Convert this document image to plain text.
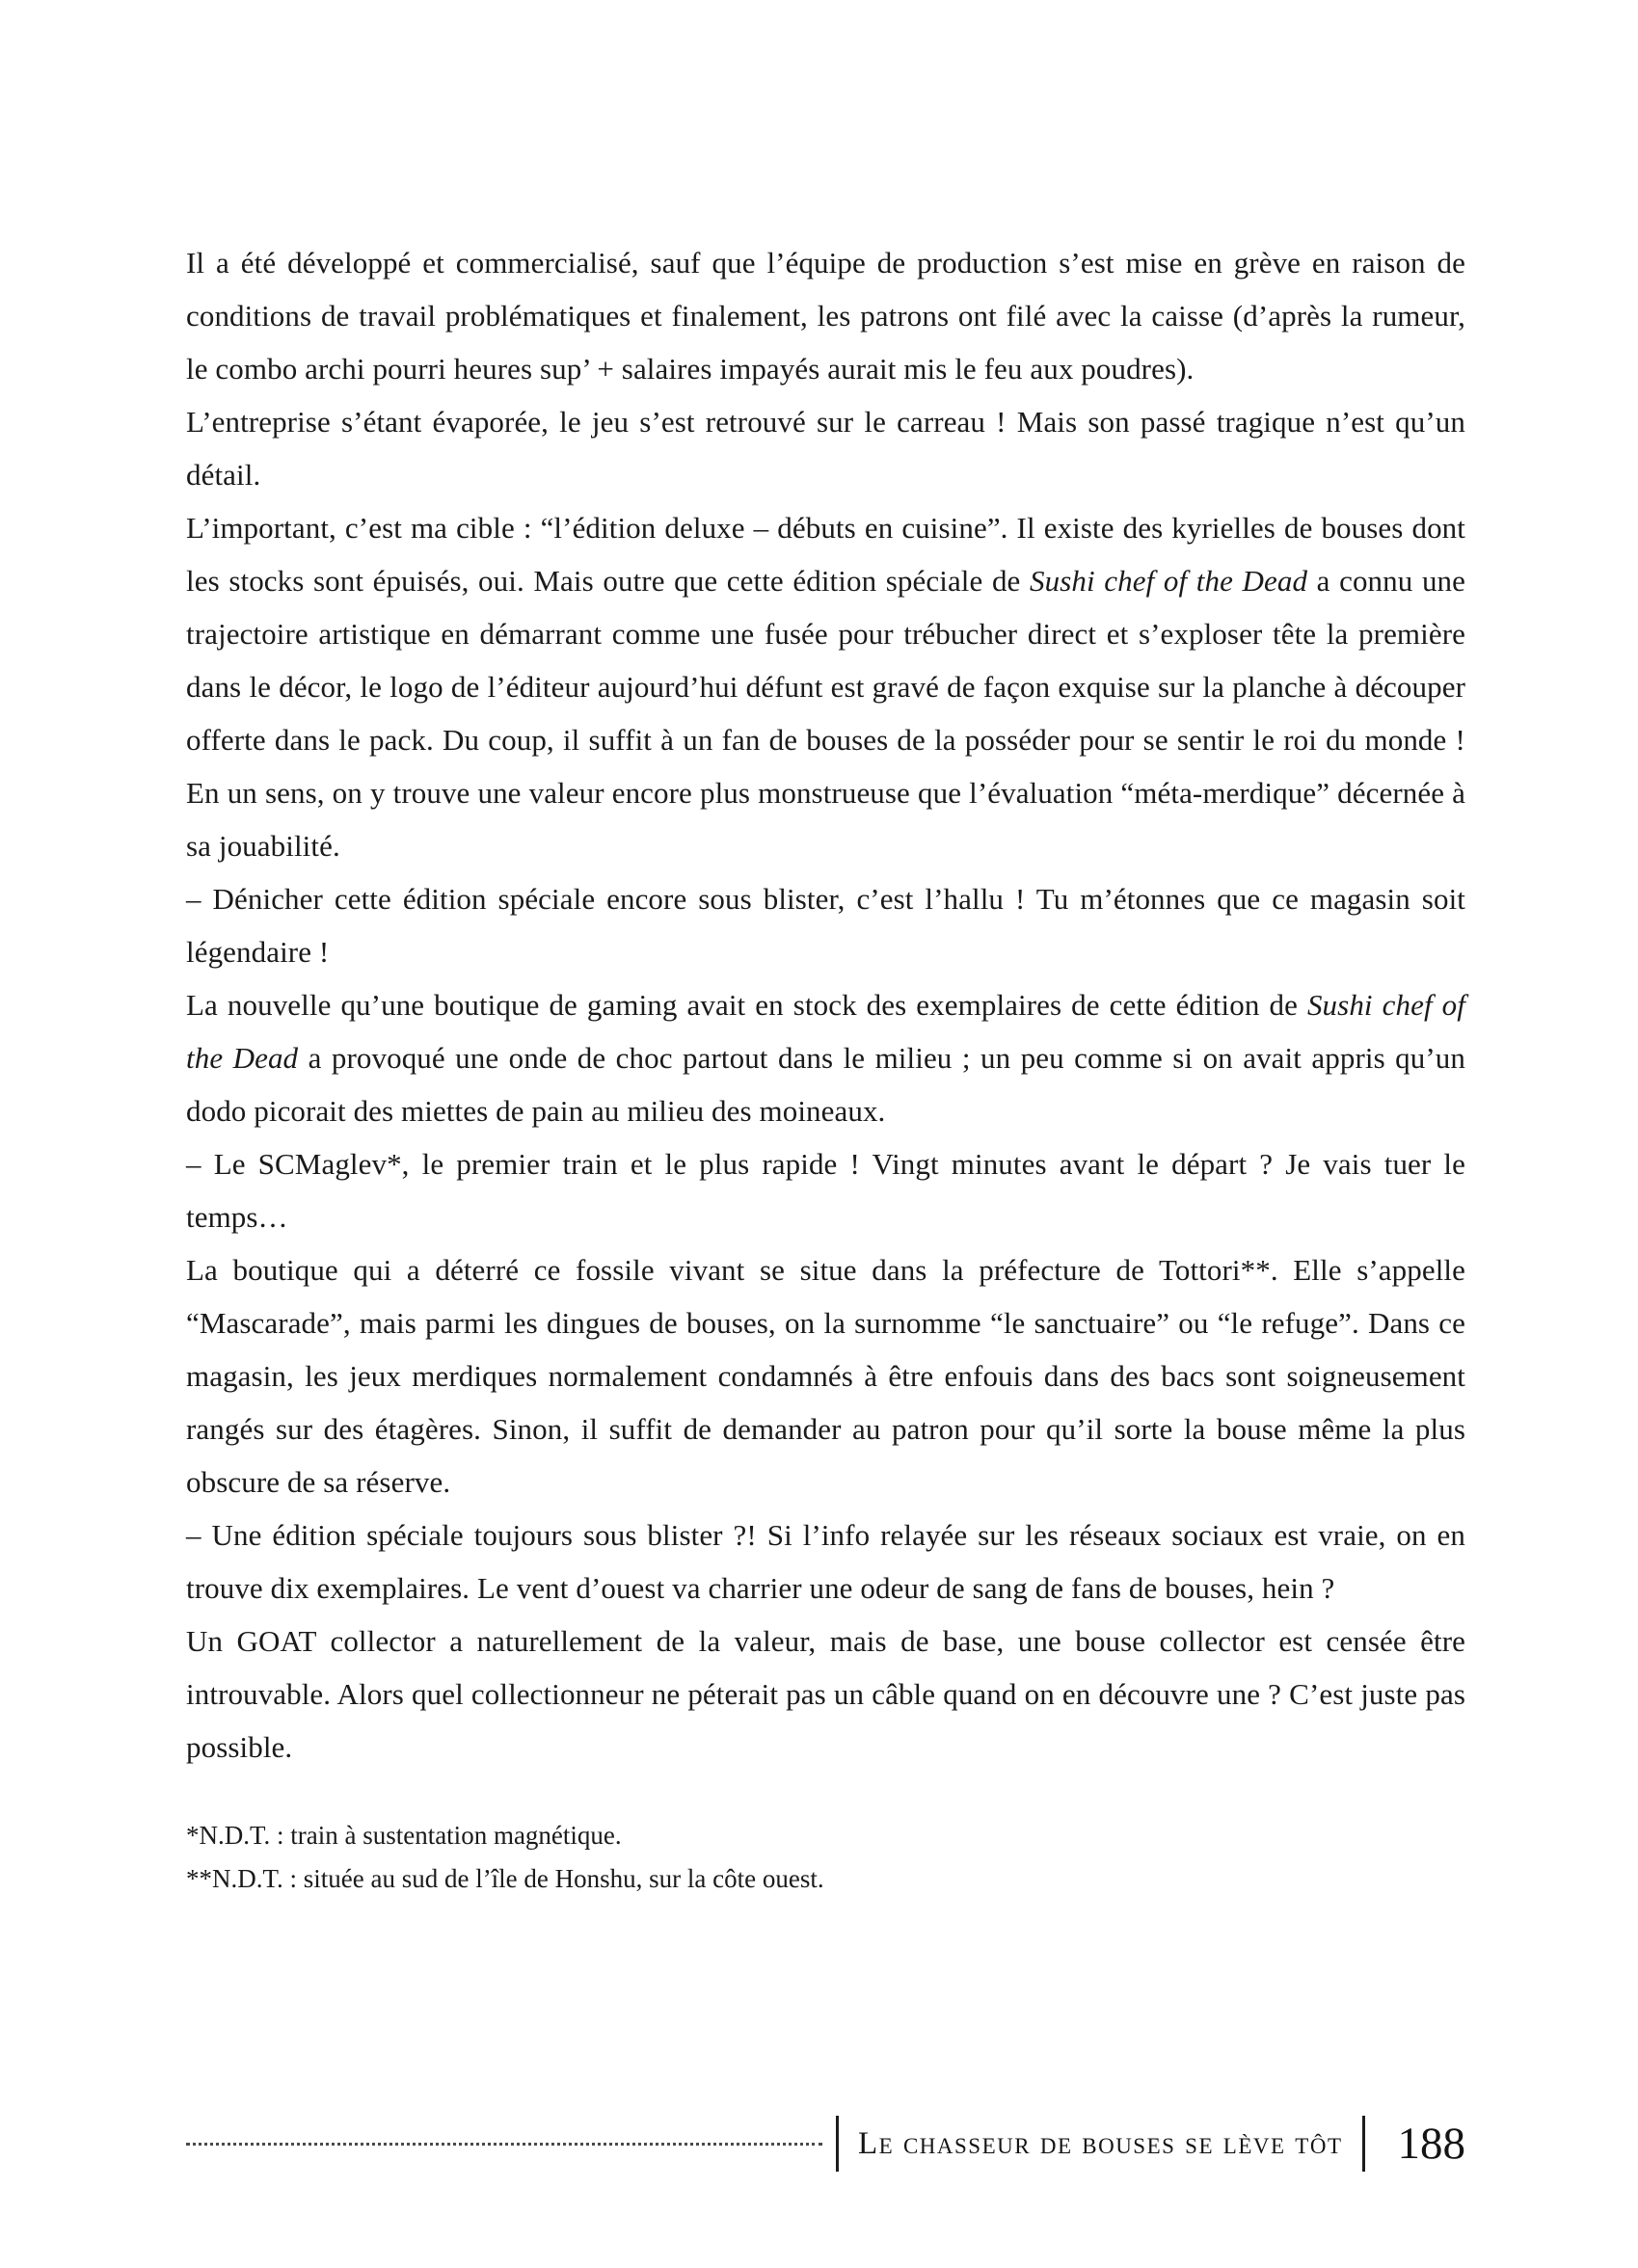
Il a été développé et commercialisé, sauf que l’équipe de production s’est mise en grève en raison de conditions de travail problématiques et finalement, les patrons ont filé avec la caisse (d’après la rumeur, le combo archi pourri heures sup’ + salaires impayés aurait mis le feu aux poudres).

L’entreprise s’étant évaporée, le jeu s’est retrouvé sur le carreau ! Mais son passé tragique n’est qu’un détail.

L’important, c’est ma cible : “l’édition deluxe – débuts en cuisine”. Il existe des kyrielles de bouses dont les stocks sont épuisés, oui. Mais outre que cette édition spéciale de Sushi chef of the Dead a connu une trajectoire artistique en démarrant comme une fusée pour trébucher direct et s’exploser tête la première dans le décor, le logo de l’éditeur aujourd’hui défunt est gravé de façon exquise sur la planche à découper offerte dans le pack. Du coup, il suffit à un fan de bouses de la posséder pour se sentir le roi du monde ! En un sens, on y trouve une valeur encore plus monstrueuse que l’évaluation “méta-merdique” décernée à sa jouabilité.

– Dénicher cette édition spéciale encore sous blister, c’est l’hallu ! Tu m’étonnes que ce magasin soit légendaire !

La nouvelle qu’une boutique de gaming avait en stock des exemplaires de cette édition de Sushi chef of the Dead a provoqué une onde de choc partout dans le milieu ; un peu comme si on avait appris qu’un dodo picorait des miettes de pain au milieu des moineaux.

– Le SCMaglev*, le premier train et le plus rapide ! Vingt minutes avant le départ ? Je vais tuer le temps…

La boutique qui a déterré ce fossile vivant se situe dans la préfecture de Tottori**. Elle s’appelle “Mascarade”, mais parmi les dingues de bouses, on la surnomme “le sanctuaire” ou “le refuge”. Dans ce magasin, les jeux merdiques normalement condamnés à être enfouis dans des bacs sont soigneusement rangés sur des étagères. Sinon, il suffit de demander au patron pour qu’il sorte la bouse même la plus obscure de sa réserve.

– Une édition spéciale toujours sous blister ?! Si l’info relayée sur les réseaux sociaux est vraie, on en trouve dix exemplaires. Le vent d’ouest va charrier une odeur de sang de fans de bouses, hein ?

Un GOAT collector a naturellement de la valeur, mais de base, une bouse collector est censée être introuvable. Alors quel collectionneur ne péterait pas un câble quand on en découvre une ? C’est juste pas possible.

*N.D.T. : train à sustentation magnétique.
**N.D.T. : située au sud de l’île de Honshu, sur la côte ouest.
Le chasseur de bouses se lève tôt	188
